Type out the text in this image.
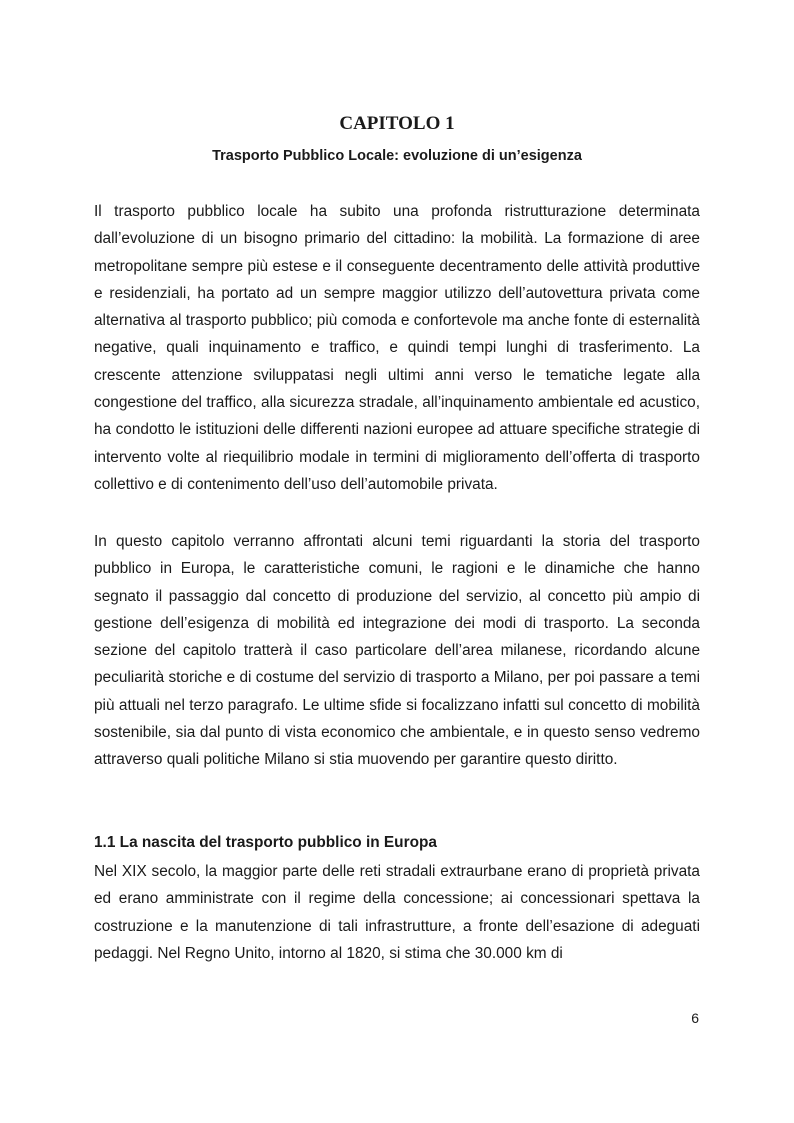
CAPITOLO 1
Trasporto Pubblico Locale: evoluzione di un’esigenza

Il trasporto pubblico locale ha subito una profonda ristrutturazione determinata dall’evoluzione di un bisogno primario del cittadino: la mobilità. La formazione di aree metropolitane sempre più estese e il conseguente decentramento delle attività produttive e residenziali, ha portato ad un sempre maggior utilizzo dell’autovettura privata come alternativa al trasporto pubblico; più comoda e confortevole ma anche fonte di esternalità negative, quali inquinamento e traffico, e quindi tempi lunghi di trasferimento. La crescente attenzione sviluppatasi negli ultimi anni verso le tematiche legate alla congestione del traffico, alla sicurezza stradale, all’inquinamento ambientale ed acustico, ha condotto le istituzioni delle differenti nazioni europee ad attuare specifiche strategie di intervento volte al riequilibrio modale in termini di miglioramento dell’offerta di trasporto collettivo e di contenimento dell’uso dell’automobile privata.

In questo capitolo verranno affrontati alcuni temi riguardanti la storia del trasporto pubblico in Europa, le caratteristiche comuni, le ragioni e le dinamiche che hanno segnato il passaggio dal concetto di produzione del servizio, al concetto più ampio di gestione dell’esigenza di mobilità ed integrazione dei modi di trasporto. La seconda sezione del capitolo tratterà il caso particolare dell’area milanese, ricordando alcune peculiarità storiche e di costume del servizio di trasporto a Milano, per poi passare a temi più attuali nel terzo paragrafo. Le ultime sfide si focalizzano infatti sul concetto di mobilità sostenibile, sia dal punto di vista economico che ambientale, e in questo senso vedremo attraverso quali politiche Milano si stia muovendo per garantire questo diritto.

1.1 La nascita del trasporto pubblico in Europa

Nel XIX secolo, la maggior parte delle reti stradali extraurbane erano di proprietà privata ed erano amministrate con il regime della concessione; ai concessionari spettava la costruzione e la manutenzione di tali infrastrutture, a fronte dell’esazione di adeguati pedaggi. Nel Regno Unito, intorno al 1820, si stima che 30.000 km di

6
